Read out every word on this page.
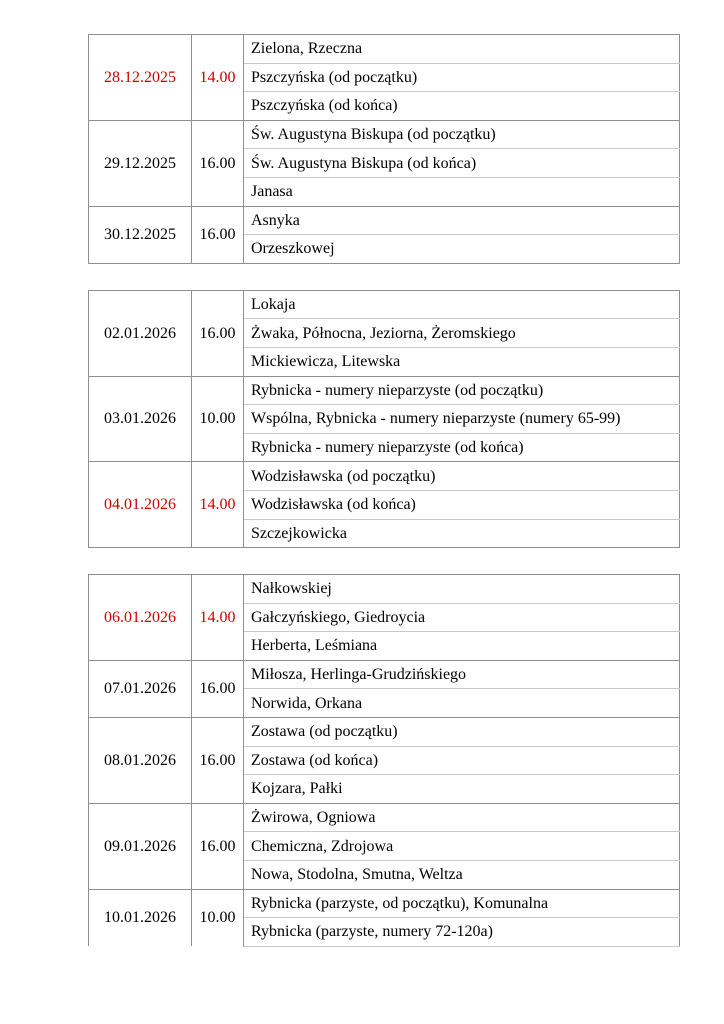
28.12.2025	14.00	Zielona, Rzeczna
		Pszczyńska (od początku)
		Pszczyńska (od końca)
29.12.2025	16.00	Św. Augustyna Biskupa (od początku)
		Św. Augustyna Biskupa (od końca)
		Janasa
30.12.2025	16.00	Asnyka
		Orzeszkowej
02.01.2026	16.00	Lokaja
		Żwaka, Północna, Jeziorna, Żeromskiego
		Mickiewicza, Litewska
03.01.2026	10.00	Rybnicka - numery nieparzyste (od początku)
		Wspólna, Rybnicka - numery nieparzyste (numery 65-99)
		Rybnicka - numery nieparzyste (od końca)
04.01.2026	14.00	Wodzisławska (od początku)
		Wodzisławska (od końca)
		Szczejkowicka
06.01.2026	14.00	Nałkowskiej
		Gałczyńskiego, Giedroycia
		Herberta, Leśmiana
07.01.2026	16.00	Miłosza, Herlinga-Grudzińskiego
		Norwida, Orkana
08.01.2026	16.00	Zostawa (od początku)
		Zostawa (od końca)
		Kojzara, Pałki
09.01.2026	16.00	Żwirowa, Ogniowa
		Chemiczna, Zdrojowa
		Nowa, Stodolna, Smutna, Weltza
10.01.2026	10.00	Rybnicka (parzyste, od początku), Komunalna
		Rybnicka (parzyste, numery 72-120a)
